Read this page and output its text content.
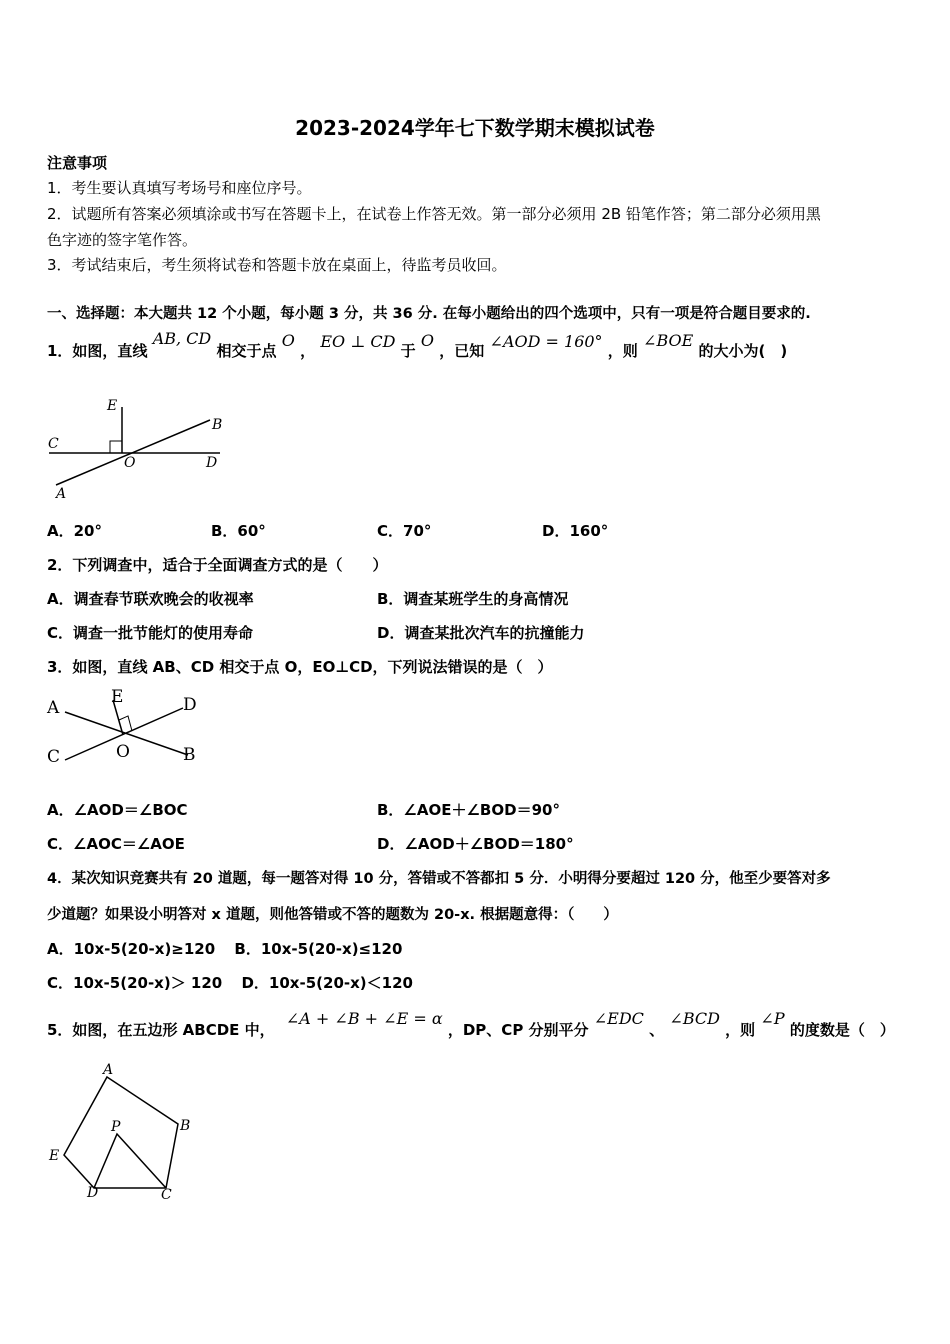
2023-2024学年七下数学期末模拟试卷
注意事项
1．考生要认真填写考场号和座位序号。
2．试题所有答案必须填涂或书写在答题卡上，在试卷上作答无效。第一部分必须用 2B 铅笔作答；第二部分必须用黑
色字迹的签字笔作答。
3．考试结束后，考生须将试卷和答题卡放在桌面上，待监考员收回。
一、选择题：本大题共 12 个小题，每小题 3 分，共 36 分. 在每小题给出的四个选项中，只有一项是符合题目要求的.
1．如图，直线 AB, CD 相交于点 O ， EO ⊥ CD 于 O ，已知 ∠AOD = 160° ，则 ∠BOE 的大小为(　)
E
B
C
O	D
A
A．20°	B．60°	C．70°	D．160°
2．下列调查中，适合于全面调查方式的是（　　）
A．调查春节联欢晚会的收视率	B．调查某班学生的身高情况
C．调查一批节能灯的使用寿命	D．调查某批次汽车的抗撞能力
3．如图，直线 AB、CD 相交于点 O，EO⊥CD，下列说法错误的是（　）
A
E	D
C	O	B
A．∠AOD＝∠BOC	B．∠AOE＋∠BOD＝90°
C．∠AOC＝∠AOE	D．∠AOD＋∠BOD＝180°
4．某次知识竞赛共有 20 道题，每一题答对得 10 分，答错或不答都扣 5 分．小明得分要超过 120 分，他至少要答对多
少道题？如果设小明答对 x 道题，则他答错或不答的题数为 20-x. 根据题意得：（　　）
A．10x-5(20-x)≥120 B．10x-5(20-x)≤120
C．10x-5(20-x)＞ 120 D．10x-5(20-x)＜120
5．如图，在五边形 ABCDE 中， ∠A + ∠B + ∠E = α ，DP、CP 分别平分 ∠EDC 、 ∠BCD ，则 ∠P 的度数是（　）
A
B
P
E
D	C
